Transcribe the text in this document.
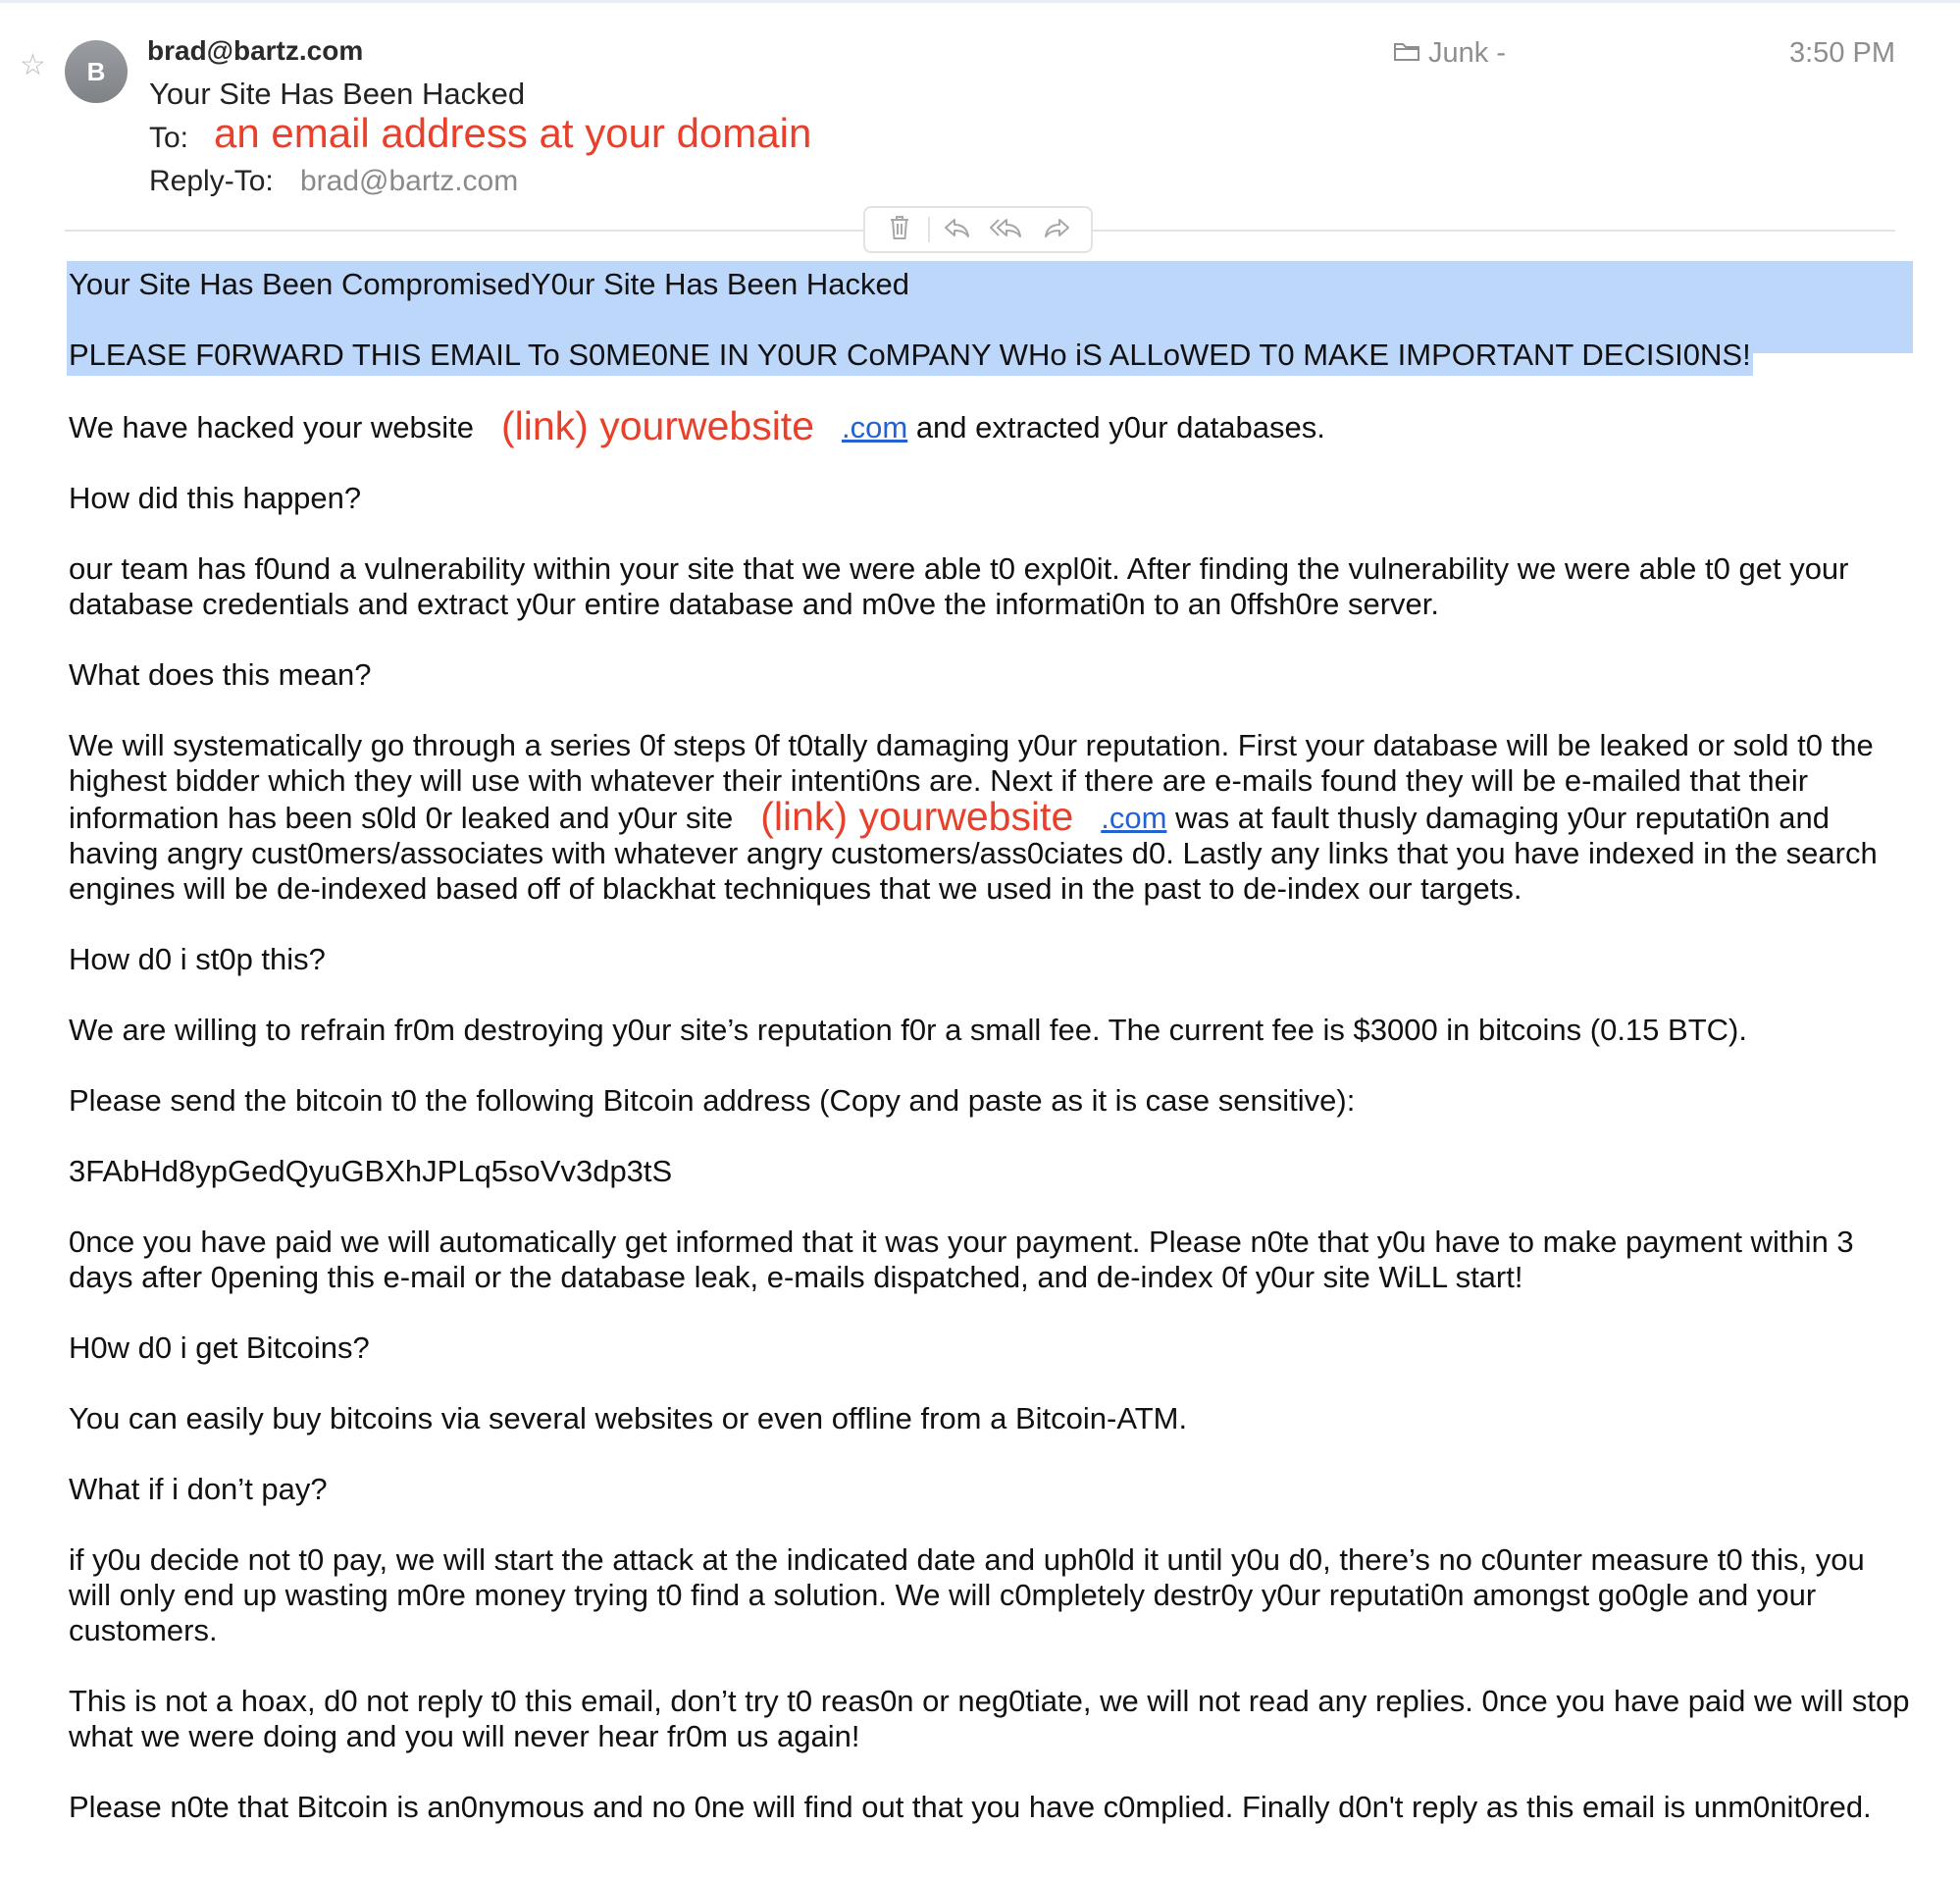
☆	B
brad@bartz.com
Your Site Has Been Hacked
To: an email address at your domain
Reply-To: brad@bartz.com
Junk -	3:50 PM
Your Site Has Been CompromisedY0ur Site Has Been Hacked

PLEASE F0RWARD THIS EMAIL To S0ME0NE IN Y0UR CoMPANY WHo iS ALLoWED T0 MAKE IMPORTANT DECISI0NS!

We have hacked your website (link) yourwebsite .com and extracted y0ur databases.

How did this happen?

our team has f0und a vulnerability within your site that we were able t0 expl0it. After finding the vulnerability we were able t0 get your database credentials and extract y0ur entire database and m0ve the informati0n to an 0ffsh0re server.

What does this mean?

We will systematically go through a series 0f steps 0f t0tally damaging y0ur reputation. First your database will be leaked or sold t0 the highest bidder which they will use with whatever their intenti0ns are. Next if there are e-mails found they will be e-mailed that their information has been s0ld 0r leaked and y0ur site (link) yourwebsite .com was at fault thusly damaging y0ur reputati0n and having angry cust0mers/associates with whatever angry customers/ass0ciates d0. Lastly any links that you have indexed in the search engines will be de-indexed based off of blackhat techniques that we used in the past to de-index our targets.

How d0 i st0p this?

We are willing to refrain fr0m destroying y0ur site’s reputation f0r a small fee. The current fee is $3000 in bitcoins (0.15 BTC).

Please send the bitcoin t0 the following Bitcoin address (Copy and paste as it is case sensitive):

3FAbHd8ypGedQyuGBXhJPLq5soVv3dp3tS

0nce you have paid we will automatically get informed that it was your payment. Please n0te that y0u have to make payment within 3 days after 0pening this e-mail or the database leak, e-mails dispatched, and de-index 0f y0ur site WiLL start!

H0w d0 i get Bitcoins?

You can easily buy bitcoins via several websites or even offline from a Bitcoin-ATM.

What if i don’t pay?

if y0u decide not t0 pay, we will start the attack at the indicated date and uph0ld it until y0u d0, there’s no c0unter measure t0 this, you will only end up wasting m0re money trying t0 find a solution. We will c0mpletely destr0y y0ur reputati0n amongst go0gle and your customers.

This is not a hoax, d0 not reply t0 this email, don’t try t0 reas0n or neg0tiate, we will not read any replies. 0nce you have paid we will stop what we were doing and you will never hear fr0m us again!

Please n0te that Bitcoin is an0nymous and no 0ne will find out that you have c0mplied. Finally d0n't reply as this email is unm0nit0red.
